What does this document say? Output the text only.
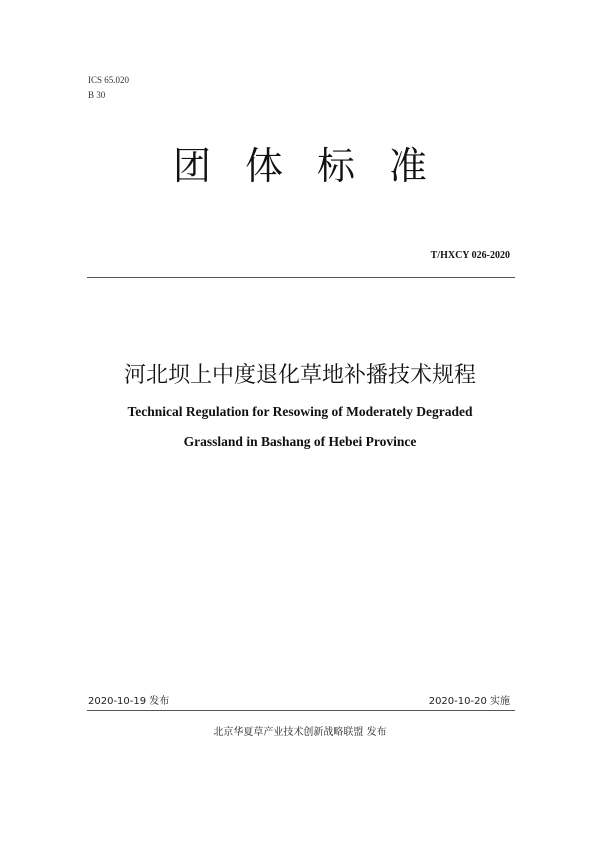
ICS 65.020
B 30
团体标准
T/HXCY 026-2020
河北坝上中度退化草地补播技术规程
Technical Regulation for Resowing of Moderately Degraded
Grassland in Bashang of Hebei Province
2020-10-19 发布	2020-10-20 实施
北京华夏草产业技术创新战略联盟 发布
